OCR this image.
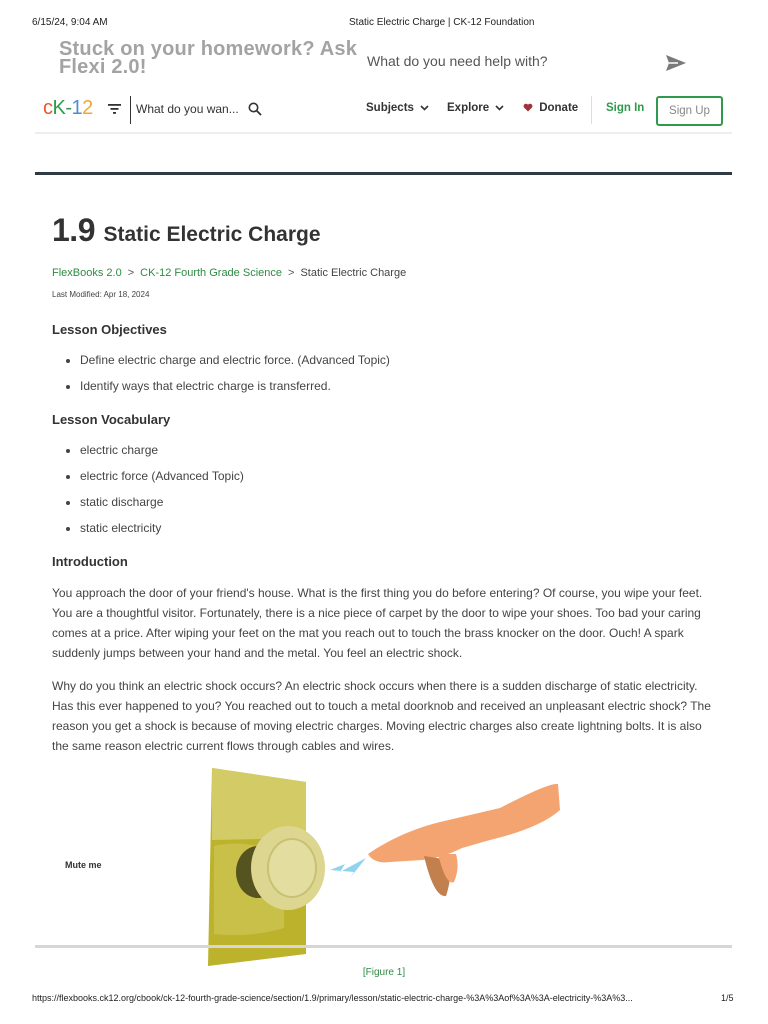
6/15/24, 9:04 AM	Static Electric Charge | CK-12 Foundation
Stuck on your homework? Ask Flexi 2.0!	What do you need help with?
cK-12	What do you wan...	Subjects	Explore	Donate Sign In	Sign Up
1.9 Static Electric Charge
FlexBooks 2.0 > CK-12 Fourth Grade Science > Static Electric Charge
Last Modified: Apr 18, 2024
Lesson Objectives
• Define electric charge and electric force. (Advanced Topic)
• Identify ways that electric charge is transferred.
Lesson Vocabulary
• electric charge
• electric force (Advanced Topic)
• static discharge
• static electricity
Introduction

You approach the door of your friend's house. What is the first thing you do before entering? Of course, you wipe your feet. You are a thoughtful visitor. Fortunately, there is a nice piece of carpet by the door to wipe your shoes. Too bad your caring comes at a price. After wiping your feet on the mat you reach out to touch the brass knocker on the door. Ouch! A spark suddenly jumps between your hand and the metal. You feel an electric shock.

Why do you think an electric shock occurs? An electric shock occurs when there is a sudden discharge of static electricity. Has this ever happened to you? You reached out to touch a metal doorknob and received an unpleasant electric shock? The reason you get a shock is because of moving electric charges. Moving electric charges also create lightning bolts. It is also the same reason electric current flows through cables and wires.

Mute me
[Figure 1]
https://flexbooks.ck12.org/cbook/ck-12-fourth-grade-science/section/1.9/primary/lesson/static-electric-charge-%3A%3Aof%3A%3A-electricity-%3A%3...	1/5
